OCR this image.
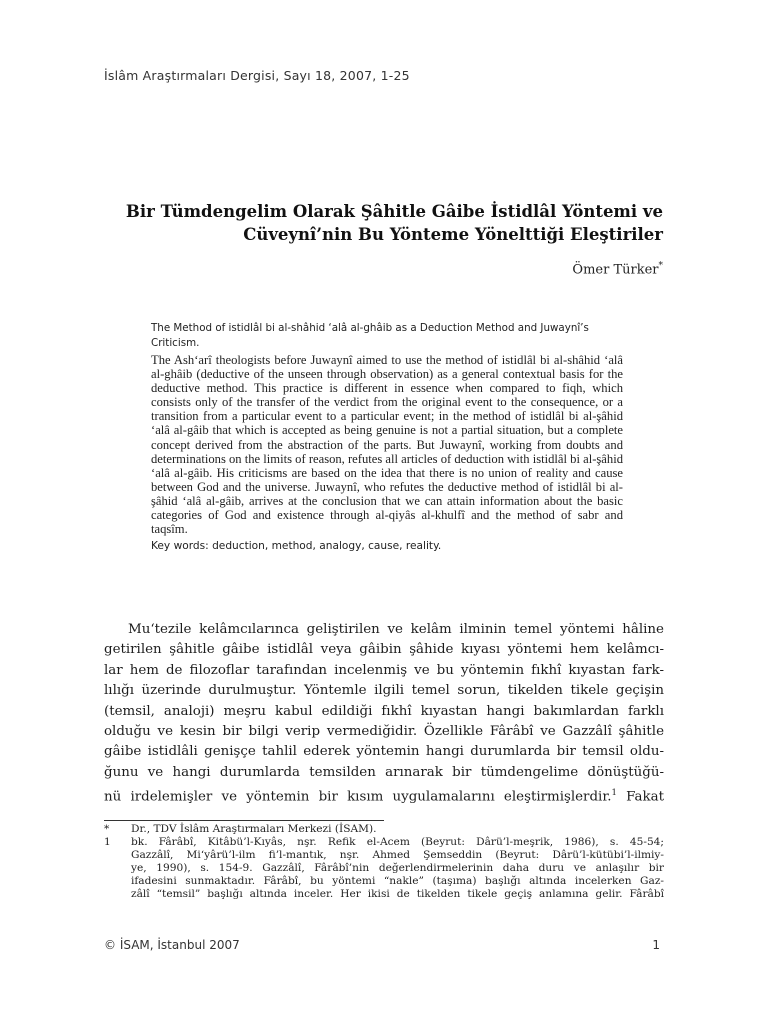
İslâm Araştırmaları Dergisi, Sayı 18, 2007, 1-25
Bir Tümdengelim Olarak Şâhitle Gâibe İstidlâl Yöntemi ve
Cüveynî’nin Bu Yönteme Yönelttiği Eleştiriler
Ömer Türker*

The Method of istidlâl bi al-shâhid ‘alâ al-ghâib as a Deduction Method and Juwaynî’s Criticism.

The Ash‘arî theologists before Juwaynî aimed to use the method of istidlâl bi al-shâhid ‘alâ al-ghâib (deductive of the unseen through observation) as a general contextual basis for the deductive method. This practice is different in essence when compared to fiqh, which consists only of the transfer of the verdict from the original event to the consequence, or a transition from a particular event to a particular event; in the method of istidlâl bi al-şâhid ‘alâ al-gâib that which is accepted as being genuine is not a partial situation, but a complete concept derived from the abstraction of the parts. But Juwaynî, working from doubts and determinations on the limits of reason, refutes all articles of deduction with istidlâl bi al-şâhid ‘alâ al-gâib. His criticisms are based on the idea that there is no union of reality and cause between God and the universe. Juwaynî, who refutes the deductive method of istidlâl bi al-şâhid ‘alâ al-gâib, arrives at the conclusion that we can attain information about the basic categories of God and existence through al-qiyâs al-khulfî and the method of sabr and taqsîm.

Key words: deduction, method, analogy, cause, reality.
Mu‘tezile kelâmcılarınca geliştirilen ve kelâm ilminin temel yöntemi hâline
getirilen şâhitle gâibe istidlâl veya gâibin şâhide kıyası yöntemi hem kelâmcı-
lar hem de filozoflar tarafından incelenmiş ve bu yöntemin fıkhî kıyastan fark-
lılığı üzerinde durulmuştur. Yöntemle ilgili temel sorun, tikelden tikele geçişin
(temsil, analoji) meşru kabul edildiği fıkhî kıyastan hangi bakımlardan farklı
olduğu ve kesin bir bilgi verip vermediğidir. Özellikle Fârâbî ve Gazzâlî şâhitle
gâibe istidlâli genişçe tahlil ederek yöntemin hangi durumlarda bir temsil oldu-
ğunu ve hangi durumlarda temsilden arınarak bir tümdengelime dönüştüğü-
nü irdelemişler ve yöntemin bir kısım uygulamalarını eleştirmişlerdir.$^1$ Fakat
* Dr., TDV İslâm Araştırmaları Merkezi (İSAM).
1 bk. Fârâbî, Kitâbü’l-Kıyâs, nşr. Refik el-Acem (Beyrut: Dârü’l-meşrik, 1986), s. 45-54;
Gazzâlî, Mi‘yârü’l-ilm fi’l-mantık, nşr. Ahmed Şemseddin (Beyrut: Dârü’l-kütübi’l-ilmiy-
ye, 1990), s. 154-9. Gazzâlî, Fârâbî’nin değerlendirmelerinin daha duru ve anlaşılır bir
ifadesini sunmaktadır. Fârâbî, bu yöntemi “nakle” (taşıma) başlığı altında incelerken Gaz-
zâlî “temsil” başlığı altında inceler. Her ikisi de tikelden tikele geçiş anlamına gelir. Fârâbî
© İSAM, İstanbul 2007	1
